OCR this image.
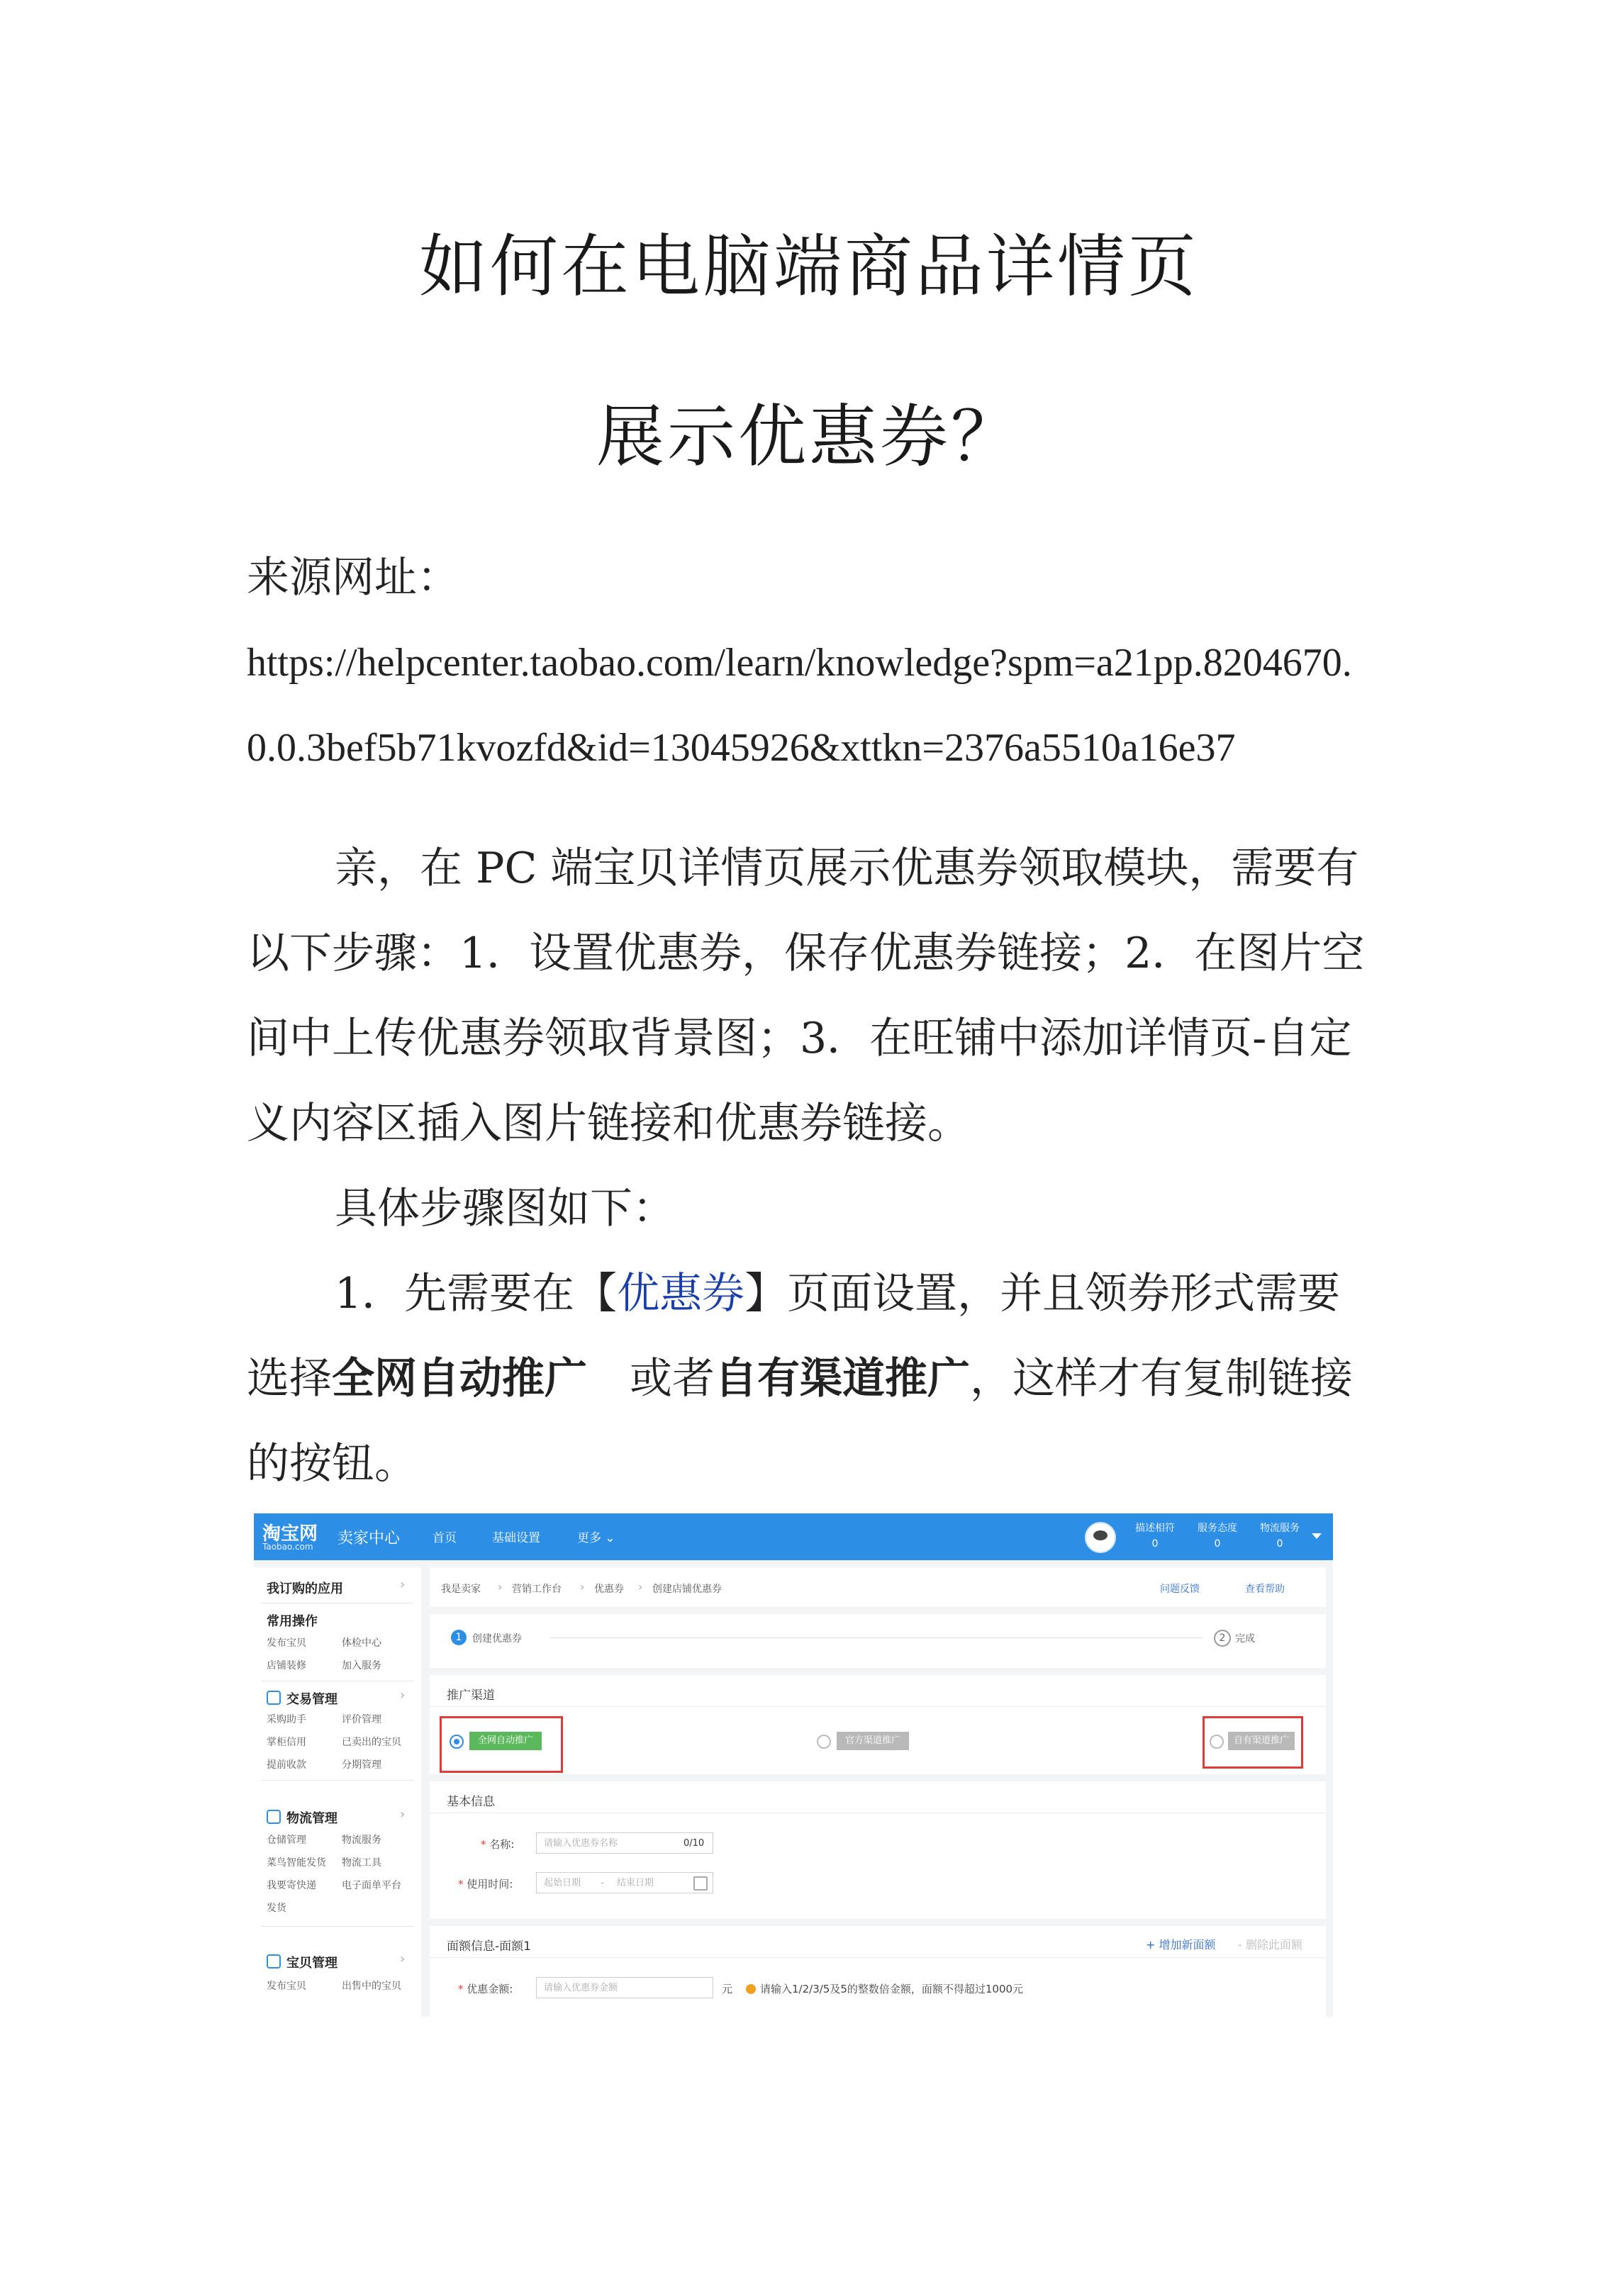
如何在电脑端商品详情页
展示优惠券？
来源网址：
https://helpcenter.taobao.com/learn/knowledge?spm=a21pp.8204670.
0.0.3bef5b71kvozfd&id=13045926&xttkn=2376a5510a16e37
亲，在 PC 端宝贝详情页展示优惠券领取模块，需要有
以下步骤：1．设置优惠券，保存优惠券链接；2．在图片空
间中上传优惠券领取背景图；3．在旺铺中添加详情页-自定
义内容区插入图片链接和优惠券链接。
具体步骤图如下：
1．先需要在【优惠券】页面设置，并且领券形式需要
选择全网自动推广　或者自有渠道推广，这样才有复制链接
的按钮。
淘宝网
Taobao.com 卖家中心	首页	基础设置	更多 ⌄
描述相符
0
服务态度
0
物流服务
0
我订购的应用	›
常用操作
发布宝贝	体检中心
店铺装修	加入服务
交易管理	›
采购助手	评价管理
掌柜信用	已卖出的宝贝
提前收款	分期管理
物流管理	›
仓储管理	物流服务
菜鸟智能发货 物流工具
我要寄快递	电子面单平台
发货
宝贝管理	›
发布宝贝	出售中的宝贝
我是卖家 › 营销工作台 › 优惠券 › 创建店铺优惠券	问题反馈	查看帮助
1	创建优惠券	2 完成
推广渠道
全网自动推广	官方渠道推广	自有渠道推广
基本信息
* 名称:	请输入优惠券名称	0/10
* 使用时间:	起始日期 - 结束日期
面额信息-面额1	+ 增加新面额 - 删除此面额
* 优惠金额:	请输入优惠券金额	元	请输入1/2/3/5及5的整数倍金额，面额不得超过1000元
